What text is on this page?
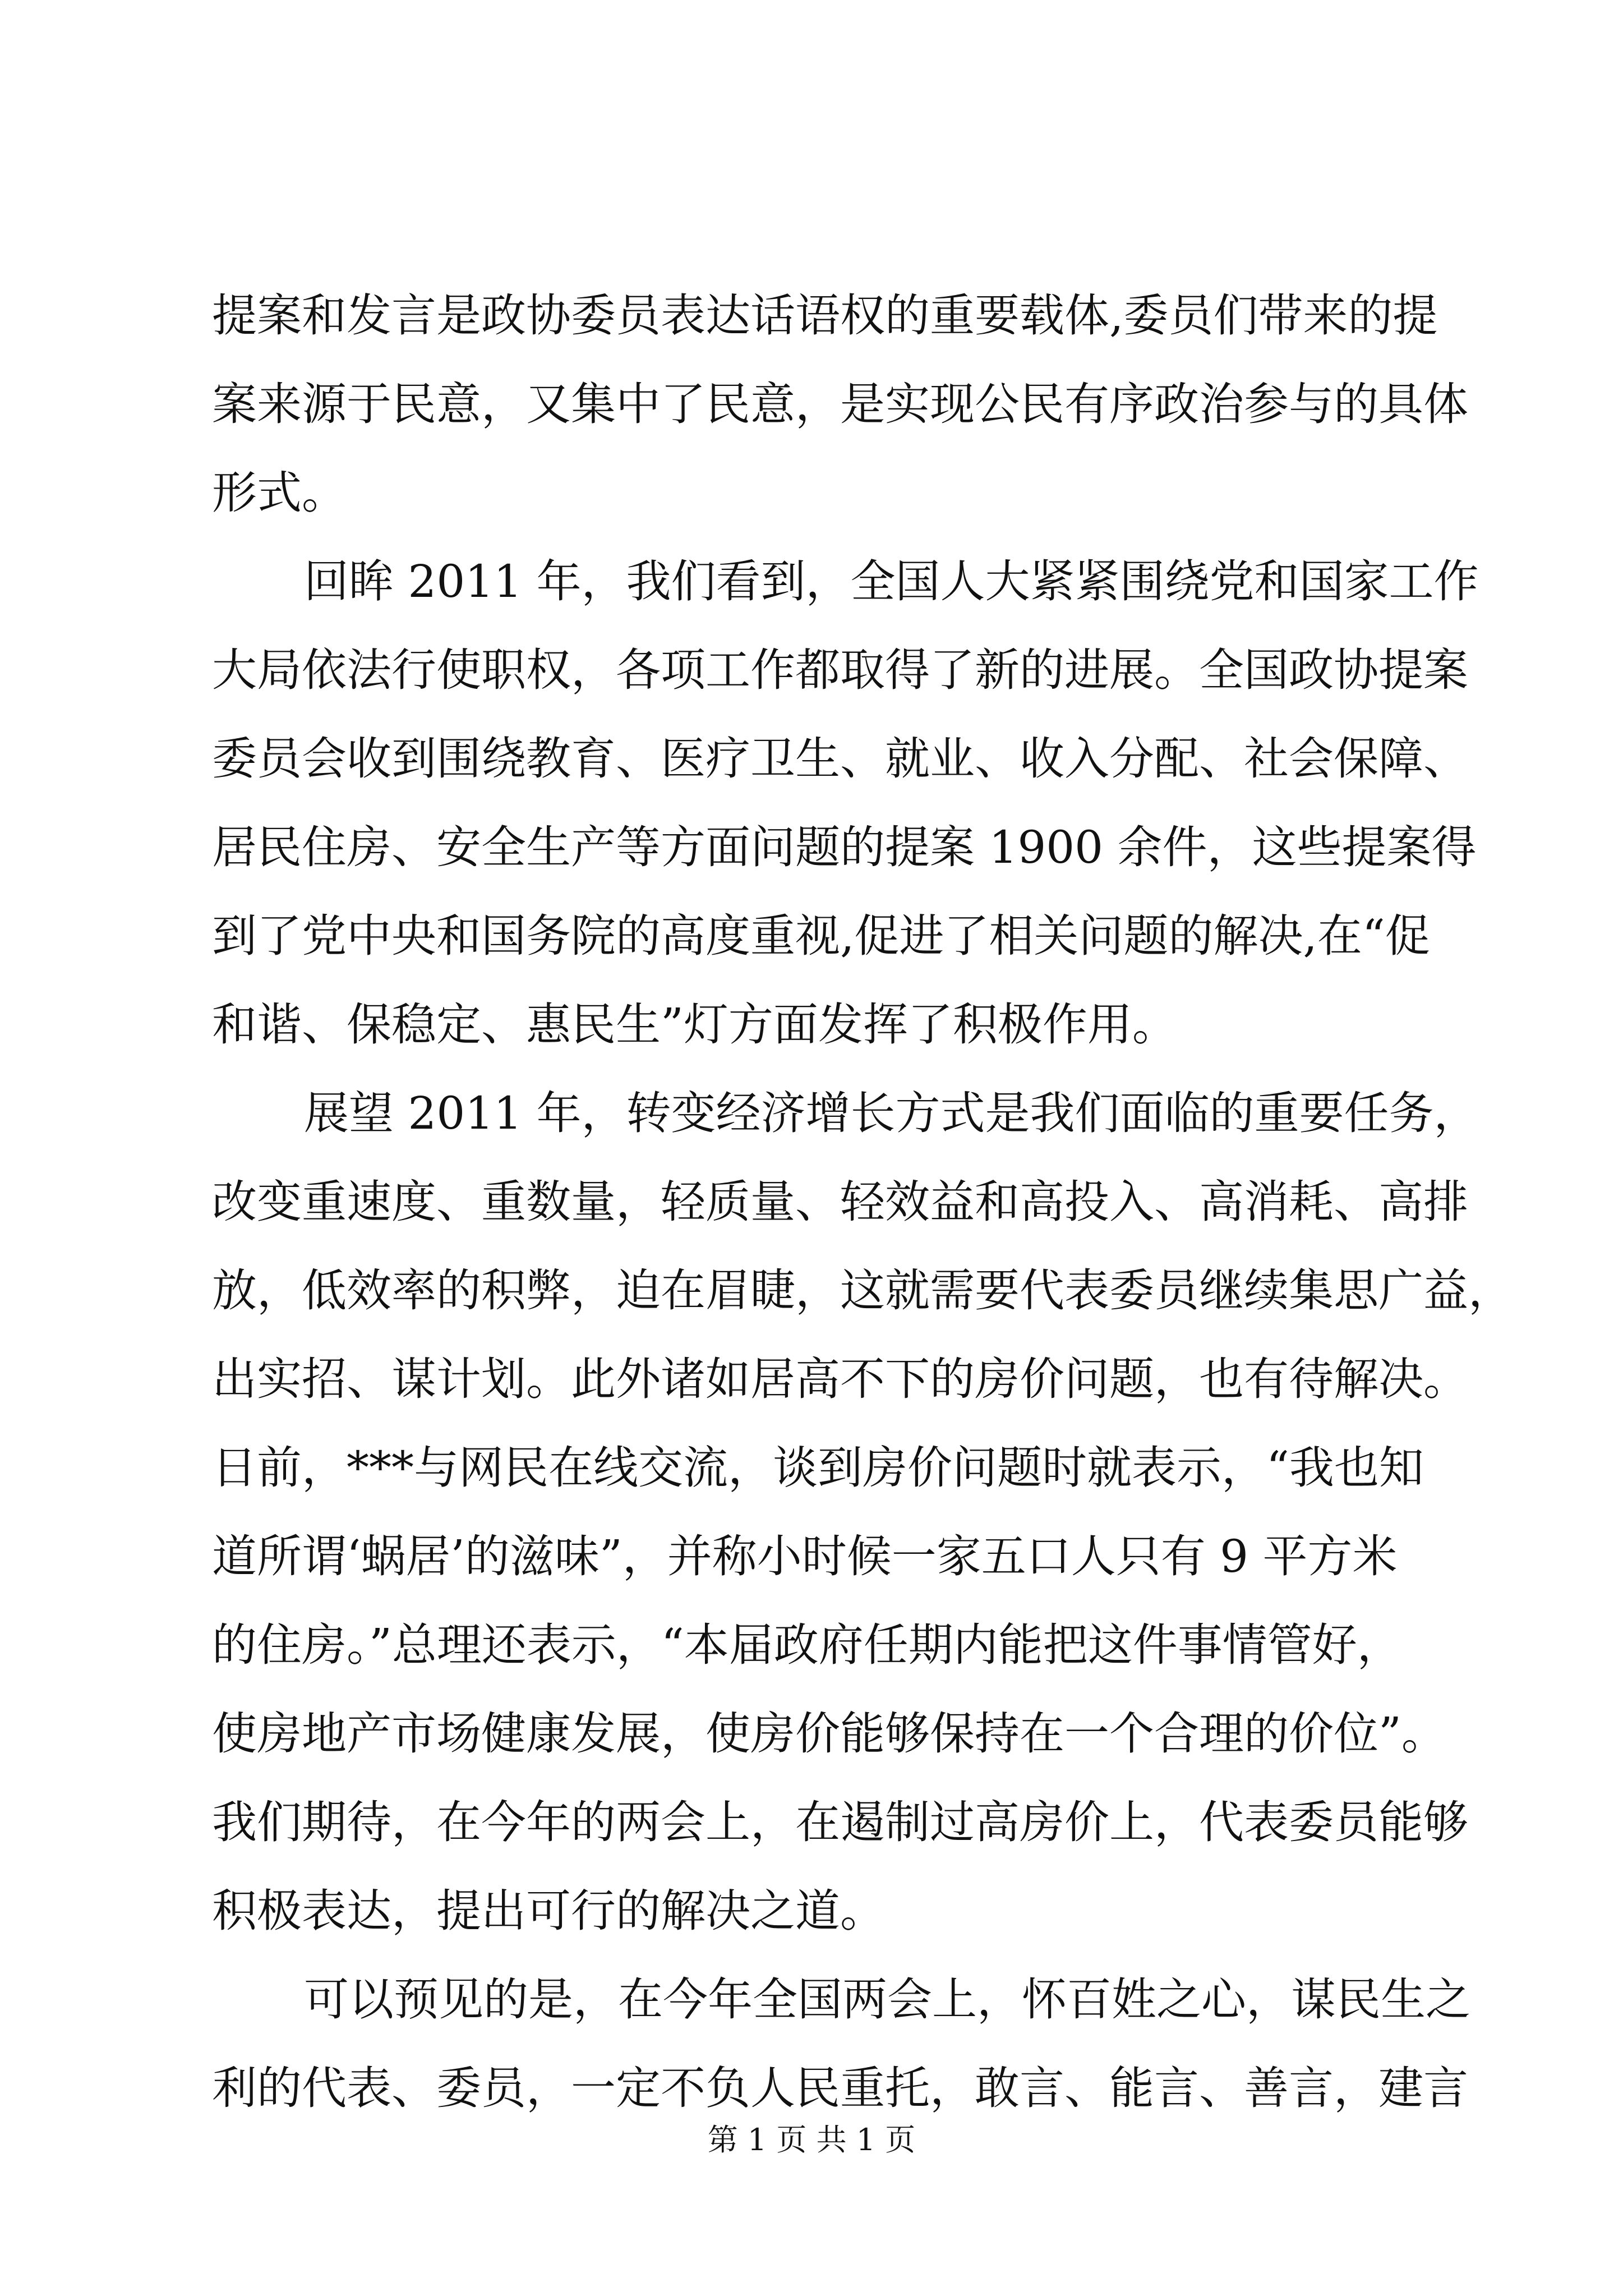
提案和发言是政协委员表达话语权的重要载体,委员们带来的提
案来源于民意，又集中了民意，是实现公民有序政治参与的具体
形式。
回眸 2011 年，我们看到，全国人大紧紧围绕党和国家工作
大局依法行使职权，各项工作都取得了新的进展。全国政协提案
委员会收到围绕教育、医疗卫生、就业、收入分配、社会保障、
居民住房、安全生产等方面问题的提案 1900 余件，这些提案得
到了党中央和国务院的高度重视,促进了相关问题的解决,在“促
和谐、保稳定、惠民生”灯方面发挥了积极作用。
展望 2011 年，转变经济增长方式是我们面临的重要任务，
改变重速度、重数量，轻质量、轻效益和高投入、高消耗、高排
放，低效率的积弊，迫在眉睫，这就需要代表委员继续集思广益，
出实招、谋计划。此外诸如居高不下的房价问题，也有待解决。
日前，***与网民在线交流，谈到房价问题时就表示，“我也知
道所谓‘蜗居’的滋味”，并称小时候一家五口人只有 9 平方米
的住房。”总理还表示，“本届政府任期内能把这件事情管好，
使房地产市场健康发展，使房价能够保持在一个合理的价位”。
我们期待，在今年的两会上，在遏制过高房价上，代表委员能够
积极表达，提出可行的解决之道。
可以预见的是，在今年全国两会上，怀百姓之心，谋民生之
利的代表、委员，一定不负人民重托，敢言、能言、善言，建言
第 1 页 共 1 页
